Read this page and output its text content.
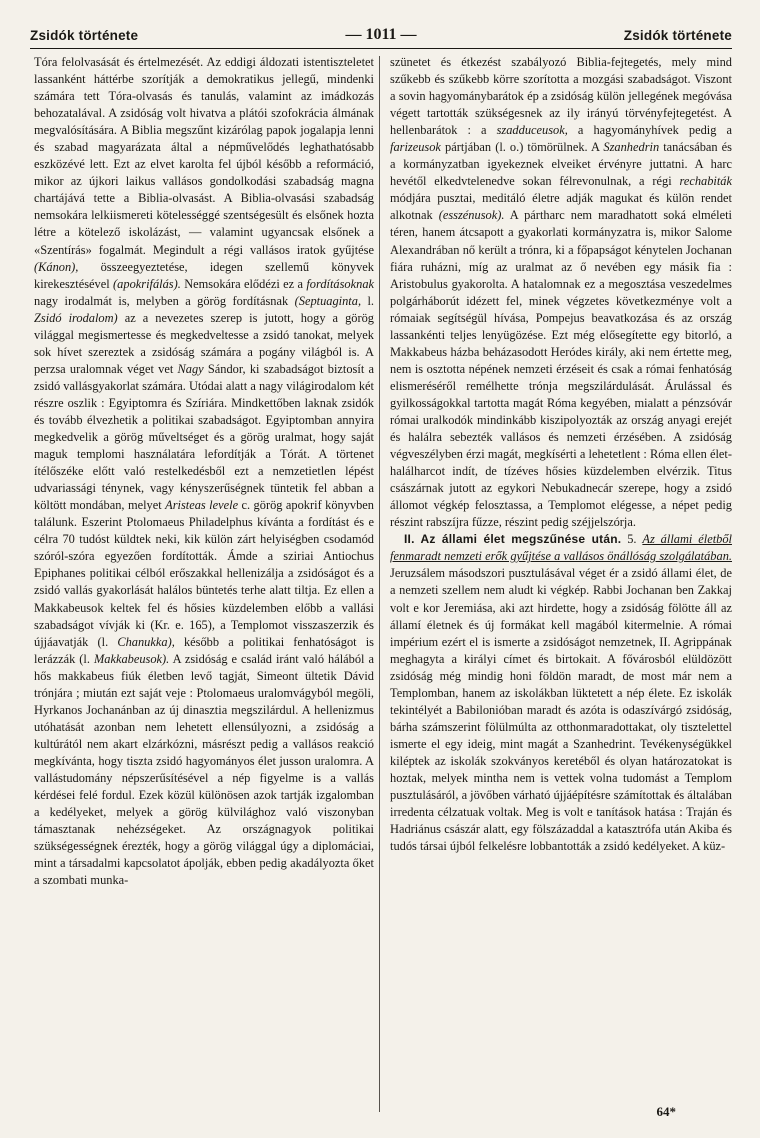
Zsidók története	— 1011 —	Zsidók története

Tóra felolvasását és értelmezését. Az eddigi áldozati istentiszteletet lassanként háttérbe szorítják a demokratikus jellegű, mindenki számára tett Tóra-olvasás és tanulás, valamint az imádkozás behozatalával. A zsidóság volt hivatva a plátói szofokrácia álmának megvalósítására. A Biblia megszűnt kizárólag papok jogalapja lenni és szabad magyarázata által a népművelődés leghathatósabb eszközévé lett. Ezt az elvet karolta fel újból később a reformáció, mikor az újkori laikus vallásos gondolkodási szabadság magna chartájává tette a Biblia-olvasást. A Biblia-olvasási szabadság nemsokára lelkiismereti kötelességgé szentségesült és elsőnek hozta létre a kötelező iskolázást, — valamint ugyancsak elsőnek a «Szentírás» fogalmát. Megindult a régi vallásos iratok gyűjtése (Kánon), összeegyeztetése, idegen szellemű könyvek kirekesztésével (apokrifálás). Nemsokára elődézi ez a fordításoknak nagy irodalmát is, melyben a görög fordításnak (Septuaginta, l. Zsidó irodalom) az a nevezetes szerep is jutott, hogy a görög világgal megismertesse és megkedveltesse a zsidó tanokat, melyek sok hívet szereztek a zsidóság számára a pogány világból is. A perzsa uralomnak véget vet Nagy Sándor, ki szabadságot biztosít a zsidó vallásgyakorlat számára. Utódai alatt a nagy világirodalom két részre oszlik : Egyiptomra és Szíriára. Mindkettőben laknak zsidók és tovább élvezhetik a politikai szabadságot. Egyiptomban annyira megkedvelik a görög műveltséget és a görög uralmat, hogy saját maguk templomi használatára lefordítják a Tórát. A törtenet ítélőszéke előtt való restelkedésből ezt a nemzetietlen lépést udvariassági ténynek, vagy kényszerűségnek tüntetik fel abban a költött mondában, melyet Aristeas levele c. görög apokrif könyvben találunk. Eszerint Ptolomaeus Philadelphus kívánta a fordítást és e célra 70 tudóst küldtek neki, kik külön zárt helyiségben csodamód szóról-szóra egyezően fordították. Ámde a sziriai Antiochus Epiphanes politikai célból erőszakkal hellenizálja a zsidóságot és a zsidó vallás gyakorlását halálos büntetés terhe alatt tiltja. Ez ellen a Makkabeusok keltek fel és hősies küzdelemben előbb a vallási szabadságot vívják ki (Kr. e. 165), a Templomot visszaszerzik és újjáavatják (l. Chanukka), később a politikai fenhatóságot is lerázzák (l. Makkabeusok). A zsidóság e család iránt való hálából a hős makkabeus fiúk életben levő tagját, Simeont ültetik Dávid trónjára ; miután ezt saját veje : Ptolomaeus uralomvágyból megöli, Hyrkanos Jochanánban az új dinasztia megszilárdul. A hellenizmus utóhatását azonban nem lehetett ellensúlyozni, a zsidóság a kultúrától nem akart elzárkózni, másrészt pedig a vallásos reakció megkívánta, hogy tiszta zsidó hagyományos élet jusson uralomra. A vallástudomány népszerűsítésével a nép figyelme is a vallás kérdései felé fordul. Ezek közül különösen azok tartják izgalomban a kedélyeket, melyek a görög külvilághoz való viszonyban támasztanak nehézségeket. Az országnagyok politikai szükségességnek érezték, hogy a görög világgal úgy a diplomáciai, mint a társadalmi kapcsolatot ápolják, ebben pedig akadályozta őket a szombati munka-

szünetet és étkezést szabályozó Biblia-fejtegetés, mely mind szűkebb és szűkebb körre szorította a mozgási szabadságot. Viszont a sovin hagyománybarátok ép a zsidóság külön jellegének megóvása végett tartották szükségesnek az ily irányú törvényfejtegetést. A hellenbarátok : a szadduceusok, a hagyományhívek pedig a farizeusok pártjában (l. o.) tömörülnek. A Szanhedrin tanácsában és a kormányzatban igyekeznek elveiket érvényre juttatni. A harc hevétől elkedvtelenedve sokan félrevonulnak, a régi rechabiták módjára pusztai, meditáló életre adják magukat és külön rendet alkotnak (esszénusok). A pártharc nem maradhatott soká elméleti téren, hanem átcsapott a gyakorlati kormányzatra is, mikor Salome Alexandrában nő került a trónra, ki a főpapságot kénytelen Jochanan fiára ruházni, míg az uralmat az ő nevében egy másik fia : Aristobulus gyakorolta. A hatalomnak ez a megosztása veszedelmes polgárháborút idézett fel, minek végzetes következménye volt a rómaiak segítségül hívása, Pompejus beavatkozása és az ország lassankénti teljes lenyügözése. Ezt még elősegítette egy bitorló, a Makkabeus házba beházasodott Heródes király, aki nem értette meg, nem is osztotta népének nemzeti érzéseit és csak a római fenhatóság elismeréséről remélhette trónja megszilárdulását. Árulással és gyilkosságokkal tartotta magát Róma kegyében, mialatt a pénzsóvár római uralkodók mindinkább kiszipolyozták az ország anyagi erejét és halálra sebezték vallásos és nemzeti érzésében. A zsidóság végveszélyben érzi magát, megkísérti a lehetetlent : Róma ellen élet-halálharcot indít, de tízéves hősies küzdelemben elvérzik. Titus császárnak jutott az egykori Nebukadnecár szerepe, hogy a zsidó állomot végkép felosztassa, a Templomot elégesse, a népet pedig részint rabszíjra fűzze, részint pedig széjjelszórja.

II. Az állami élet megszűnése után. 5. Az állami életből fenmaradt nemzeti erők gyűjtése a vallásos önállóság szolgálatában. Jeruzsálem másodszori pusztulásával véget ér a zsidó állami élet, de a nemzeti szellem nem aludt ki végkép. Rabbi Jochanan ben Zakkaj volt e kor Jeremiása, aki azt hirdette, hogy a zsidóság fölötte áll az államí életnek és új formákat kell magából kitermelnie. A római impérium ezért el is ismerte a zsidóságot nemzetnek, II. Agrippának meghagyta a királyi címet és birtokait. A fővárosból elüldözött zsidóság még mindig honi földön maradt, de most már nem a Templomban, hanem az iskolákban lüktetett a nép élete. Ez iskolák tekintélyét a Babilonióban maradt és azóta is odaszívárgó zsidóság, bárha számszerint fölülmúlta az otthonmaradottakat, oly tisztelettel ismerte el egy ideig, mint magát a Szanhedrint. Tevékenységükkel kiléptek az iskolák szokványos keretéből és olyan határozatokat is hoztak, melyek mintha nem is vettek volna tudomást a Templom pusztulásáról, a jövőben várható újjáépítésre számítottak és általában irredenta célzatuak voltak. Meg is volt e tanítások hatása : Traján és Hadriánus császár alatt, egy fölszázaddal a katasztrófa után Akiba és tudós társai újból felkelésre lobbantották a zsidó kedélyeket. A küz-

64*
